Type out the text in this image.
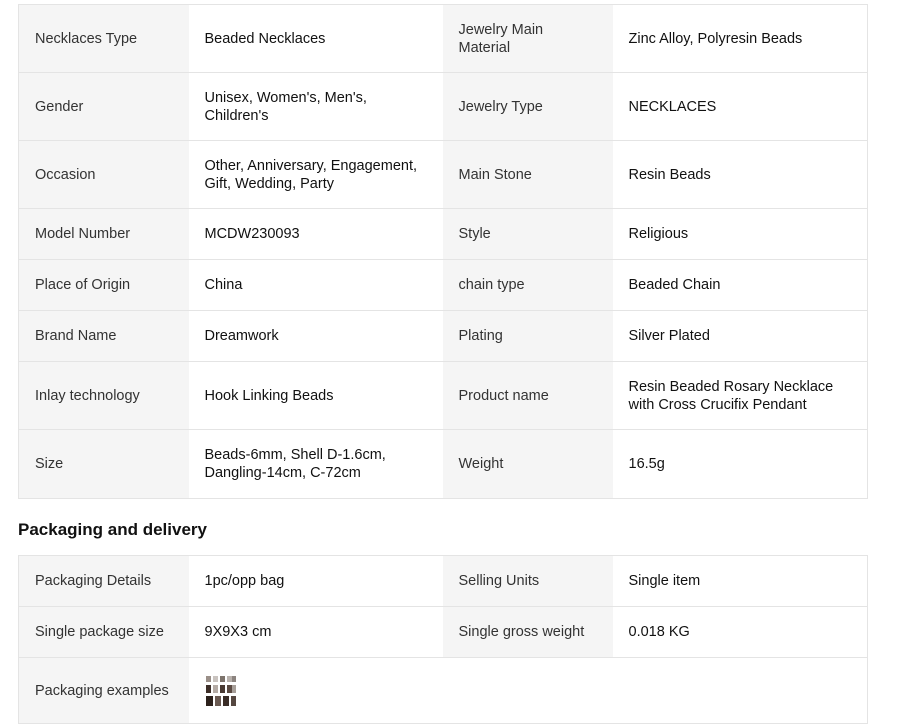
Necklaces Type	Beaded Necklaces	Jewelry Main Material	Zinc Alloy, Polyresin Beads
Gender	Unisex, Women's, Men's, Children's	Jewelry Type	NECKLACES
Occasion	Other, Anniversary, Engagement, Gift, Wedding, Party	Main Stone	Resin Beads
Model Number	MCDW230093	Style	Religious
Place of Origin	China	chain type	Beaded Chain
Brand Name	Dreamwork	Plating	Silver Plated
Inlay technology	Hook Linking Beads	Product name	Resin Beaded Rosary Necklace with Cross Crucifix Pendant
Size	Beads-6mm, Shell D-1.6cm, Dangling-14cm, C-72cm	Weight	16.5g
Packaging and delivery
Packaging Details	1pc/opp bag	Selling Units	Single item
Single package size	9X9X3 cm	Single gross weight	0.018 KG
Packaging examples	
